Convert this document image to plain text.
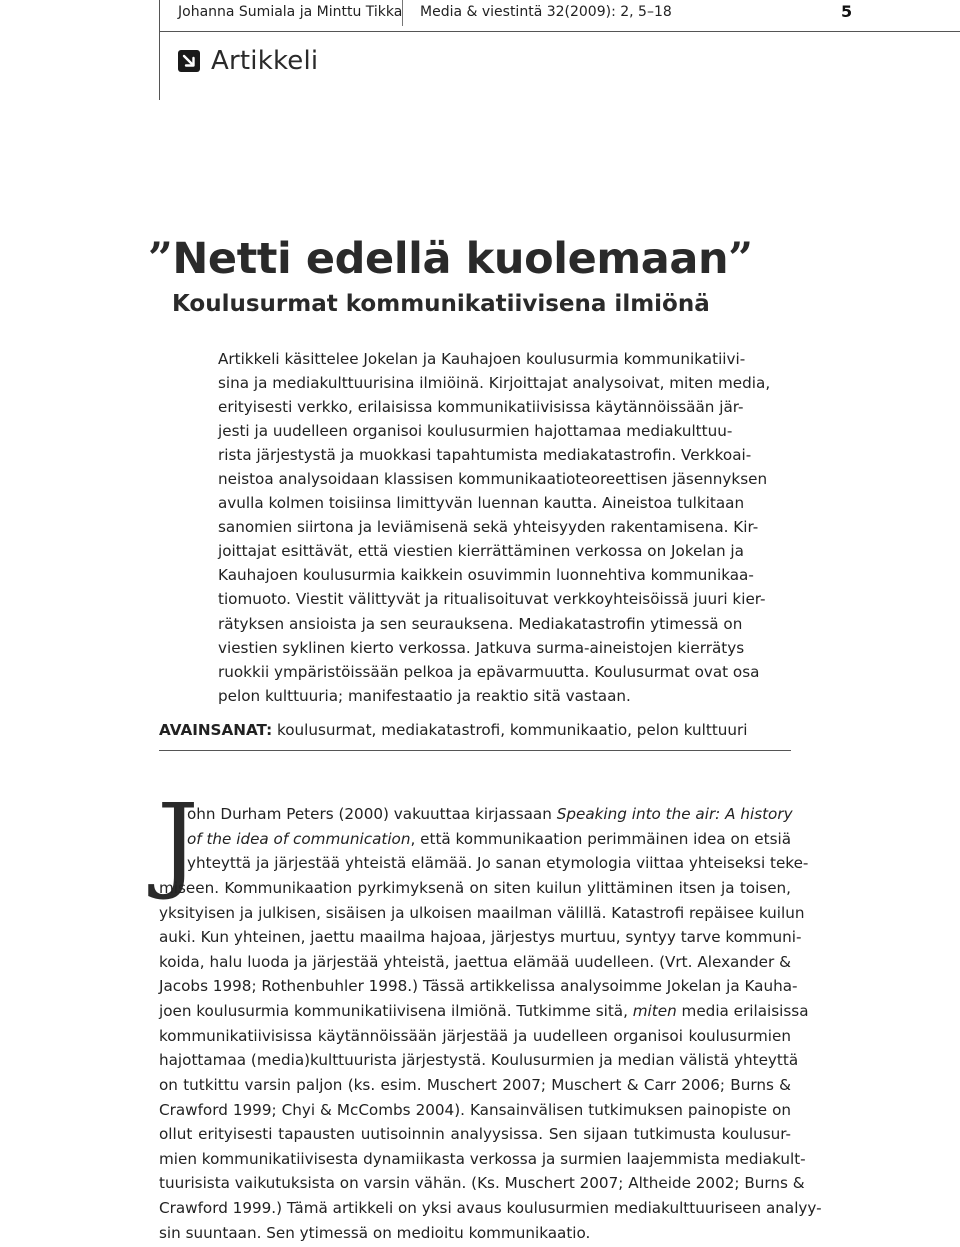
Johanna Sumiala ja Minttu Tikka Media & viestintä 32(2009): 2, 5–18	5
Artikkeli
”Netti edellä kuolemaan”
Koulusurmat kommunikatiivisena ilmiönä
Artikkeli käsittelee Jokelan ja Kauhajoen koulusurmia kommunikatiivi-
sina ja mediakulttuurisina ilmiöinä. Kirjoittajat analysoivat, miten media,
erityisesti verkko, erilaisissa kommunikatiivisissa käytännöissään jär-
jesti ja uudelleen organisoi koulusurmien hajottamaa mediakulttuu-
rista järjestystä ja muokkasi tapahtumista mediakatastrofin. Verkkoai-
neistoa analysoidaan klassisen kommunikaatioteoreettisen jäsennyksen
avulla kolmen toisiinsa limittyvän luennan kautta. Aineistoa tulkitaan
sanomien siirtona ja leviämisenä sekä yhteisyyden rakentamisena. Kir-
joittajat esittävät, että viestien kierrättäminen verkossa on Jokelan ja
Kauhajoen koulusurmia kaikkein osuvimmin luonnehtiva kommunikaa-
tiomuoto. Viestit välittyvät ja ritualisoituvat verkkoyhteisöissä juuri kier-
rätyksen ansioista ja sen seurauksena. Mediakatastrofin ytimessä on
viestien syklinen kierto verkossa. Jatkuva surma-aineistojen kierrätys
ruokkii ympäristöissään pelkoa ja epävarmuutta. Koulusurmat ovat osa
pelon kulttuuria; manifestaatio ja reaktio sitä vastaan.
AVAINSANAT: koulusurmat, mediakatastrofi, kommunikaatio, pelon kulttuuri
J
ohn Durham Peters (2000) vakuuttaa kirjassaan Speaking into the air: A history
of the idea of communication, että kommunikaation perimmäinen idea on etsiä
yhteyttä ja järjestää yhteistä elämää. Jo sanan etymologia viittaa yhteiseksi teke-
miseen. Kommunikaation pyrkimyksenä on siten kuilun ylittäminen itsen ja toisen,
yksityisen ja julkisen, sisäisen ja ulkoisen maailman välillä. Katastrofi repäisee kuilun
auki. Kun yhteinen, jaettu maailma hajoaa, järjestys murtuu, syntyy tarve kommuni-
koida, halu luoda ja järjestää yhteistä, jaettua elämää uudelleen. (Vrt. Alexander &
Jacobs 1998; Rothenbuhler 1998.) Tässä artikkelissa analysoimme Jokelan ja Kauha-
joen koulusurmia kommunikatiivisena ilmiönä. Tutkimme sitä, miten media erilaisissa
kommunikatiivisissa käytännöissään järjestää ja uudelleen organisoi koulusurmien
hajottamaa (media)kulttuurista järjestystä. Koulusurmien ja median välistä yhteyttä
on tutkittu varsin paljon (ks. esim. Muschert 2007; Muschert & Carr 2006; Burns &
Crawford 1999; Chyi & McCombs 2004). Kansainvälisen tutkimuksen painopiste on
ollut erityisesti tapausten uutisoinnin analyysissa. Sen sijaan tutkimusta koulusur-
mien kommunikatiivisesta dynamiikasta verkossa ja surmien laajemmista mediakult-
tuurisista vaikutuksista on varsin vähän. (Ks. Muschert 2007; Altheide 2002; Burns &
Crawford 1999.) Tämä artikkeli on yksi avaus koulusurmien mediakulttuuriseen analyy-
sin suuntaan. Sen ytimessä on medioitu kommunikaatio.
